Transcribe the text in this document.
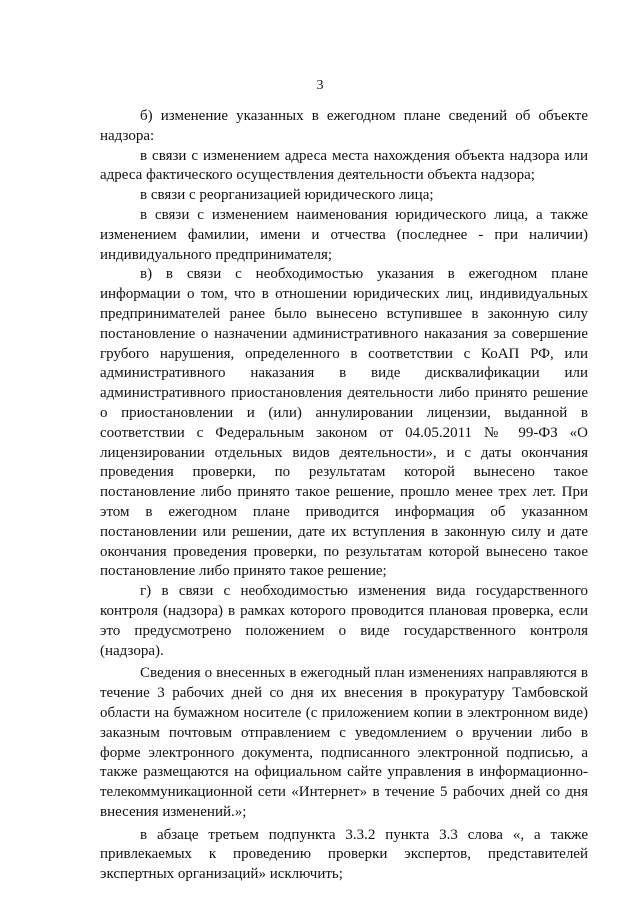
3

б) изменение указанных в ежегодном плане сведений об объекте надзора:

в связи с изменением адреса места нахождения объекта надзора или адреса фактического осуществления деятельности объекта надзора;

в связи с реорганизацией юридического лица;

в связи с изменением наименования юридического лица, а также изменением фамилии, имени и отчества (последнее - при наличии) индивидуального предпринимателя;

в) в связи с необходимостью указания в ежегодном плане информации о том, что в отношении юридических лиц, индивидуальных предпринимателей ранее было вынесено вступившее в законную силу постановление о назначении административного наказания за совершение грубого нарушения, определенного в соответствии с КоАП РФ, или административного наказания в виде дисквалификации или административного приостановления деятельности либо принято решение о приостановлении и (или) аннулировании лицензии, выданной в соответствии с Федеральным законом от 04.05.2011 № 99-ФЗ «О лицензировании отдельных видов деятельности», и с даты окончания проведения проверки, по результатам которой вынесено такое постановление либо принято такое решение, прошло менее трех лет. При этом в ежегодном плане приводится информация об указанном постановлении или решении, дате их вступления в законную силу и дате окончания проведения проверки, по результатам которой вынесено такое постановление либо принято такое решение;

г) в связи с необходимостью изменения вида государственного контроля (надзора) в рамках которого проводится плановая проверка, если это предусмотрено положением о виде государственного контроля (надзора).

Сведения о внесенных в ежегодный план изменениях направляются в течение 3 рабочих дней со дня их внесения в прокуратуру Тамбовской области на бумажном носителе (с приложением копии в электронном виде) заказным почтовым отправлением с уведомлением о вручении либо в форме электронного документа, подписанного электронной подписью, а также размещаются на официальном сайте управления в информационно-телекоммуникационной сети «Интернет» в течение 5 рабочих дней со дня внесения изменений.»;

в абзаце третьем подпункта 3.3.2 пункта 3.3 слова «, а также привлекаемых к проведению проверки экспертов, представителей экспертных организаций» исключить;
